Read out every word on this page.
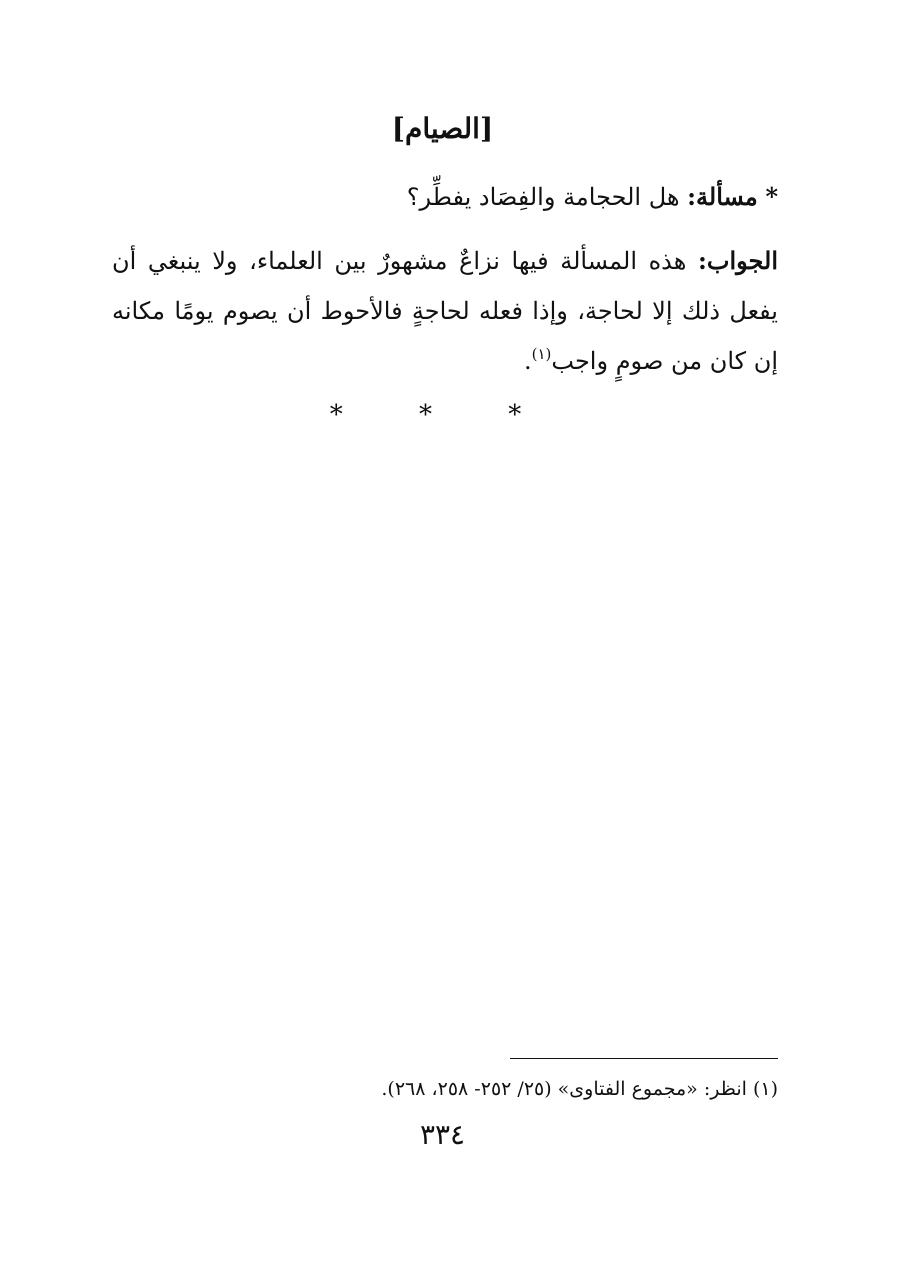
[الصيام]
* مسألة: هل الحجامة والفِصَاد يفطِّر؟
الجواب: هذه المسألة فيها نزاعٌ مشهورٌ بين العلماء، ولا ينبغي أن يفعل ذلك إلا لحاجة، وإذا فعله لحاجةٍ فالأحوط أن يصوم يومًا مكانه إن كان من صومٍ واجب$^{(١)}$.
* * *
(١) انظر: «مجموع الفتاوى» (٢٥/ ٢٥٢- ٢٥٨، ٢٦٨).
٣٣٤
